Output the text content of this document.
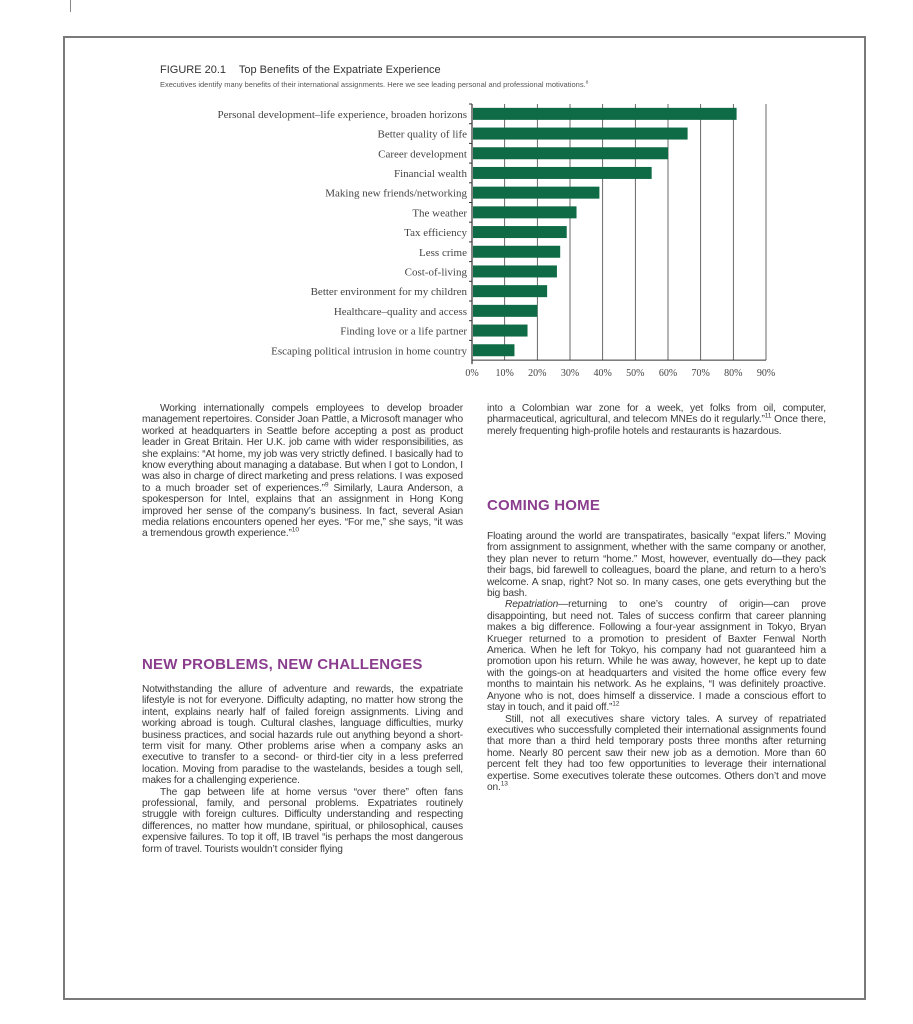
FIGURE 20.1 Top Benefits of the Expatriate Experience
Executives identify many benefits of their international assignments. Here we see leading personal and professional motivations.$^8$
0% 10% 20% 30% 40% 50% 60% 70% 80% 90%
Personal development–life experience, broaden horizons
Better quality of life
Career development
Financial wealth
Making new friends/networking
The weather
Tax efficiency
Less crime
Cost-of-living
Better environment for my children
Healthcare–quality and access
Finding love or a life partner
Escaping political intrusion in home country

Working internationally compels employees to develop broader management repertoires. Consider Joan Pattle, a Microsoft manager who worked at headquarters in Seattle before accepting a post as product leader in Great Britain. Her U.K. job came with wider responsibilities, as she explains: “At home, my job was very strictly defined. I basically had to know everything about managing a database. But when I got to London, I was also in charge of direct marketing and press relations. I was exposed to a much broader set of experiences.”$^9$ Similarly, Laura Anderson, a spokesperson for Intel, explains that an assignment in Hong Kong improved her sense of the company’s business. In fact, several Asian media relations encounters opened her eyes. “For me,” she says, “it was a tremendous growth experience.”$^{10}$

NEW PROBLEMS, NEW CHALLENGES

Notwithstanding the allure of adventure and rewards, the expatriate lifestyle is not for everyone. Difficulty adapting, no matter how strong the intent, explains nearly half of failed foreign assignments. Living and working abroad is tough. Cultural clashes, language difficulties, murky business practices, and social hazards rule out anything beyond a short-term visit for many. Other problems arise when a company asks an executive to transfer to a second- or third-tier city in a less preferred location. Moving from paradise to the wastelands, besides a tough sell, makes for a challenging experience.

The gap between life at home versus “over there” often fans professional, family, and personal problems. Expatriates routinely struggle with foreign cultures. Difficulty understanding and respecting differences, no matter how mundane, spiritual, or philosophical, causes expensive failures. To top it off, IB travel “is perhaps the most dangerous form of travel. Tourists wouldn’t consider flying

into a Colombian war zone for a week, yet folks from oil, computer, pharmaceutical, agricultural, and telecom MNEs do it regularly.”$^{11}$ Once there, merely frequenting high-profile hotels and restaurants is hazardous.

COMING HOME

Floating around the world are transpatirates, basically “expat lifers.” Moving from assignment to assignment, whether with the same company or another, they plan never to return “home.” Most, however, eventually do—they pack their bags, bid farewell to colleagues, board the plane, and return to a hero’s welcome. A snap, right? Not so. In many cases, one gets everything but the big bash.

Repatriation—returning to one’s country of origin—can prove disappointing, but need not. Tales of success confirm that career planning makes a big difference. Following a four-year assignment in Tokyo, Bryan Krueger returned to a promotion to president of Baxter Fenwal North America. When he left for Tokyo, his company had not guaranteed him a promotion upon his return. While he was away, however, he kept up to date with the goings-on at headquarters and visited the home office every few months to maintain his network. As he explains, “I was definitely proactive. Anyone who is not, does himself a disservice. I made a conscious effort to stay in touch, and it paid off.”$^{12}$

Still, not all executives share victory tales. A survey of repatriated executives who successfully completed their international assignments found that more than a third held temporary posts three months after returning home. Nearly 80 percent saw their new job as a demotion. More than 60 percent felt they had too few opportunities to leverage their international expertise. Some executives tolerate these outcomes. Others don’t and move on.$^{13}$
